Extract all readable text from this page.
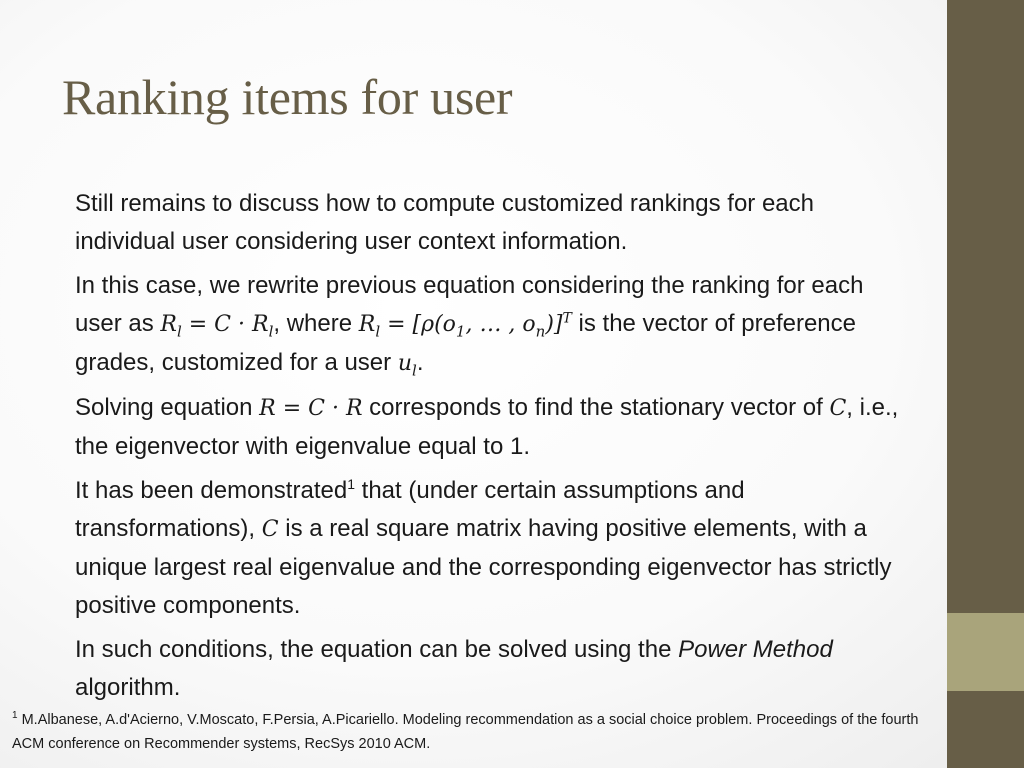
Ranking items for user

Still remains to discuss how to compute customized rankings for each individual user considering user context information.

In this case, we rewrite previous equation considering the ranking for each user as $R_l = C \cdot R_l$, where $R_l = [\rho(o_1$, … , $o_n)]^T$ is the vector of preference grades, customized for a user $u_l$.

Solving equation R = C · R corresponds to find the stationary vector of C, i.e., the eigenvector with eigenvalue equal to 1.

It has been demonstrated$^1$ that (under certain assumptions and transformations), C is a real square matrix having positive elements, with a unique largest real eigenvalue and the corresponding eigenvector has strictly positive components.

In such conditions, the equation can be solved using the Power Method algorithm.

$^1$ M.Albanese, A.d'Acierno, V.Moscato, F.Persia, A.Picariello. Modeling recommendation as a social choice problem. Proceedings of the fourth ACM conference on Recommender systems, RecSys 2010 ACM.
